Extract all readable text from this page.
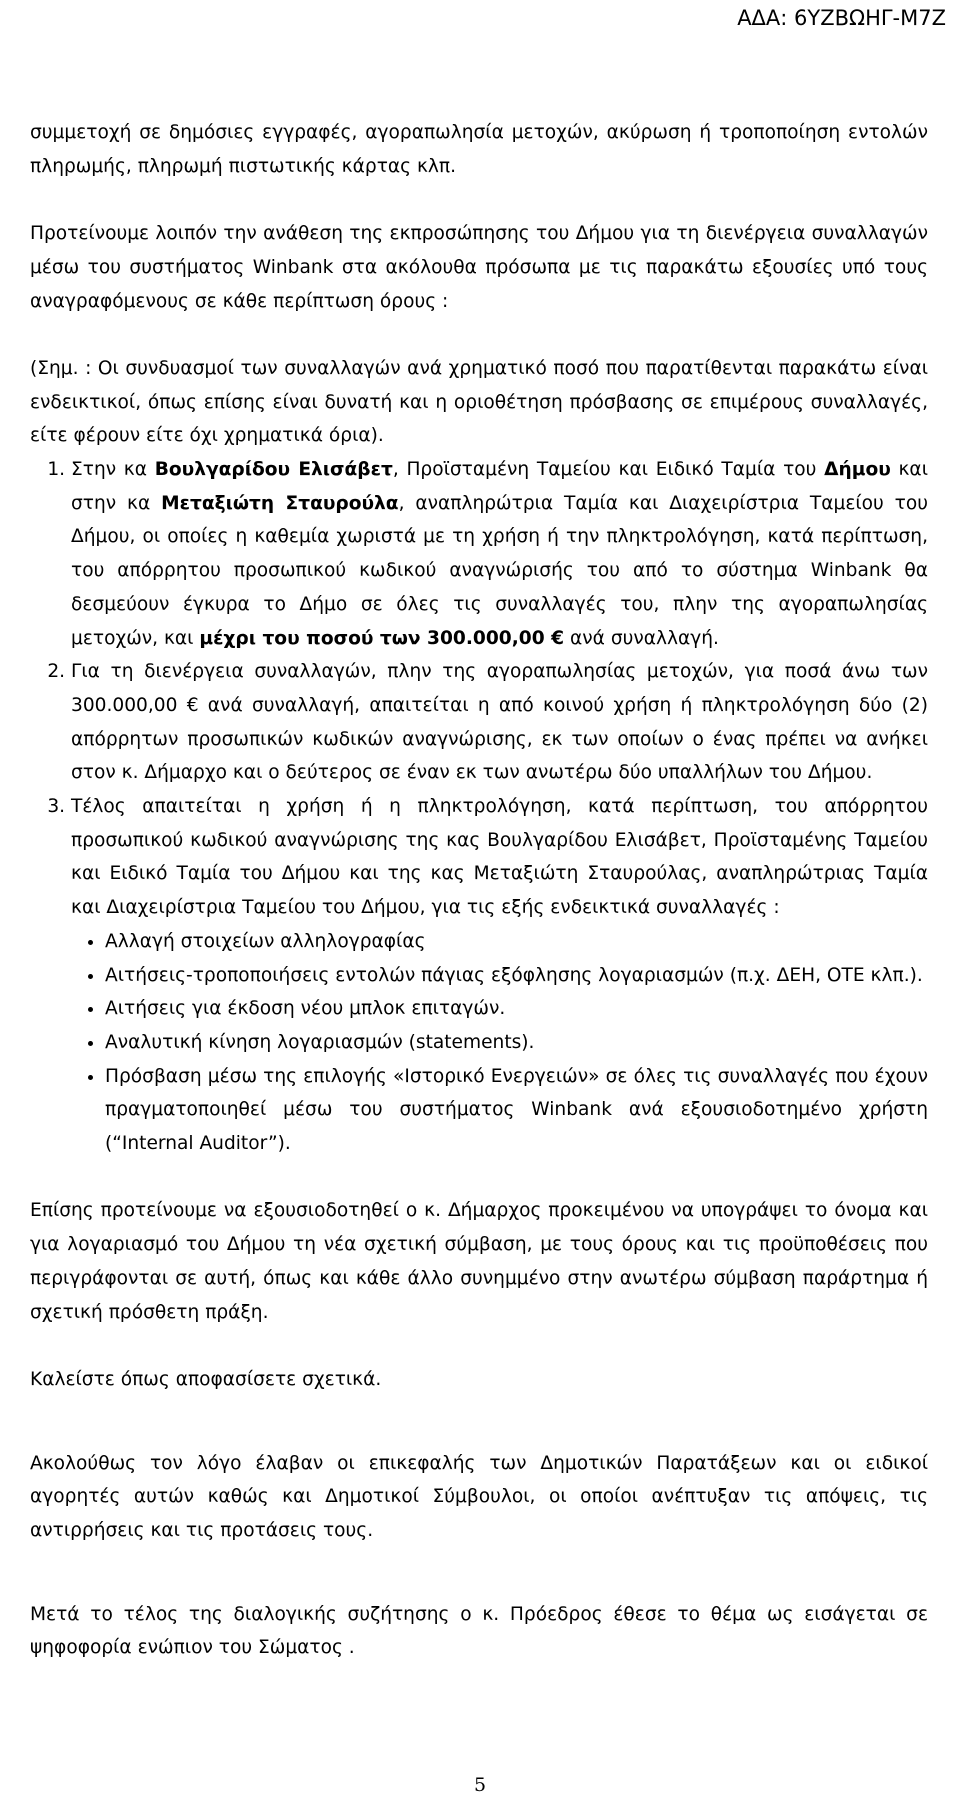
ΑΔΑ: 6ΥΖΒΩΗΓ-Μ7Ζ

συμμετοχή σε δημόσιες εγγραφές, αγοραπωλησία μετοχών, ακύρωση ή τροποποίηση εντολών πληρωμής, πληρωμή πιστωτικής κάρτας κλπ.

Προτείνουμε λοιπόν την ανάθεση της εκπροσώπησης του Δήμου για τη διενέργεια συναλλαγών μέσω του συστήματος Winbank στα ακόλουθα πρόσωπα με τις παρακάτω εξουσίες υπό τους αναγραφόμενους σε κάθε περίπτωση όρους :

(Σημ. : Οι συνδυασμοί των συναλλαγών ανά χρηματικό ποσό που παρατίθενται παρακάτω είναι ενδεικτικοί, όπως επίσης είναι δυνατή και η οριοθέτηση πρόσβασης σε επιμέρους συναλλαγές, είτε φέρουν είτε όχι χρηματικά όρια).

1. Στην κα Βουλγαρίδου Ελισάβετ, Προϊσταμένη Ταμείου και Ειδικό Ταμία του Δήμου και στην κα Μεταξιώτη Σταυρούλα, αναπληρώτρια Ταμία και Διαχειρίστρια Ταμείου του Δήμου, οι οποίες η καθεμία χωριστά με τη χρήση ή την πληκτρολόγηση, κατά περίπτωση, του απόρρητου προσωπικού κωδικού αναγνώρισής του από το σύστημα Winbank θα δεσμεύουν έγκυρα το Δήμο σε όλες τις συναλλαγές του, πλην της αγοραπωλησίας μετοχών, και μέχρι του ποσού των 300.000,00 € ανά συναλλαγή.
2. Για τη διενέργεια συναλλαγών, πλην της αγοραπωλησίας μετοχών, για ποσά άνω των 300.000,00 € ανά συναλλαγή, απαιτείται η από κοινού χρήση ή πληκτρολόγηση δύο (2) απόρρητων προσωπικών κωδικών αναγνώρισης, εκ των οποίων ο ένας πρέπει να ανήκει στον κ. Δήμαρχο και ο δεύτερος σε έναν εκ των ανωτέρω δύο υπαλλήλων του Δήμου.
3. Τέλος απαιτείται η χρήση ή η πληκτρολόγηση, κατά περίπτωση, του απόρρητου προσωπικού κωδικού αναγνώρισης της κας Βουλγαρίδου Ελισάβετ, Προϊσταμένης Ταμείου και Ειδικό Ταμία του Δήμου και της κας Μεταξιώτη Σταυρούλας, αναπληρώτριας Ταμία και Διαχειρίστρια Ταμείου του Δήμου, για τις εξής ενδεικτικά συναλλαγές :
• Αλλαγή στοιχείων αλληλογραφίας
• Αιτήσεις-τροποποιήσεις εντολών πάγιας εξόφλησης λογαριασμών (π.χ. ΔΕΗ, ΟΤΕ κλπ.).
• Αιτήσεις για έκδοση νέου μπλοκ επιταγών.
• Αναλυτική κίνηση λογαριασμών (statements).
• Πρόσβαση μέσω της επιλογής «Ιστορικό Ενεργειών» σε όλες τις συναλλαγές που έχουν πραγματοποιηθεί μέσω του συστήματος Winbank ανά εξουσιοδοτημένο χρήστη (“Internal Auditor”).

Επίσης προτείνουμε να εξουσιοδοτηθεί ο κ. Δήμαρχος προκειμένου να υπογράψει το όνομα και για λογαριασμό του Δήμου τη νέα σχετική σύμβαση, με τους όρους και τις προϋποθέσεις που περιγράφονται σε αυτή, όπως και κάθε άλλο συνημμένο στην ανωτέρω σύμβαση παράρτημα ή σχετική πρόσθετη πράξη.

Καλείστε όπως αποφασίσετε σχετικά.

Ακολούθως τον λόγο έλαβαν οι επικεφαλής των Δημοτικών Παρατάξεων και οι ειδικοί αγορητές αυτών καθώς και Δημοτικοί Σύμβουλοι, οι οποίοι ανέπτυξαν τις απόψεις, τις αντιρρήσεις και τις προτάσεις τους.

Μετά το τέλος της διαλογικής συζήτησης ο κ. Πρόεδρος έθεσε το θέμα ως εισάγεται σε ψηφοφορία ενώπιον του Σώματος .

5
